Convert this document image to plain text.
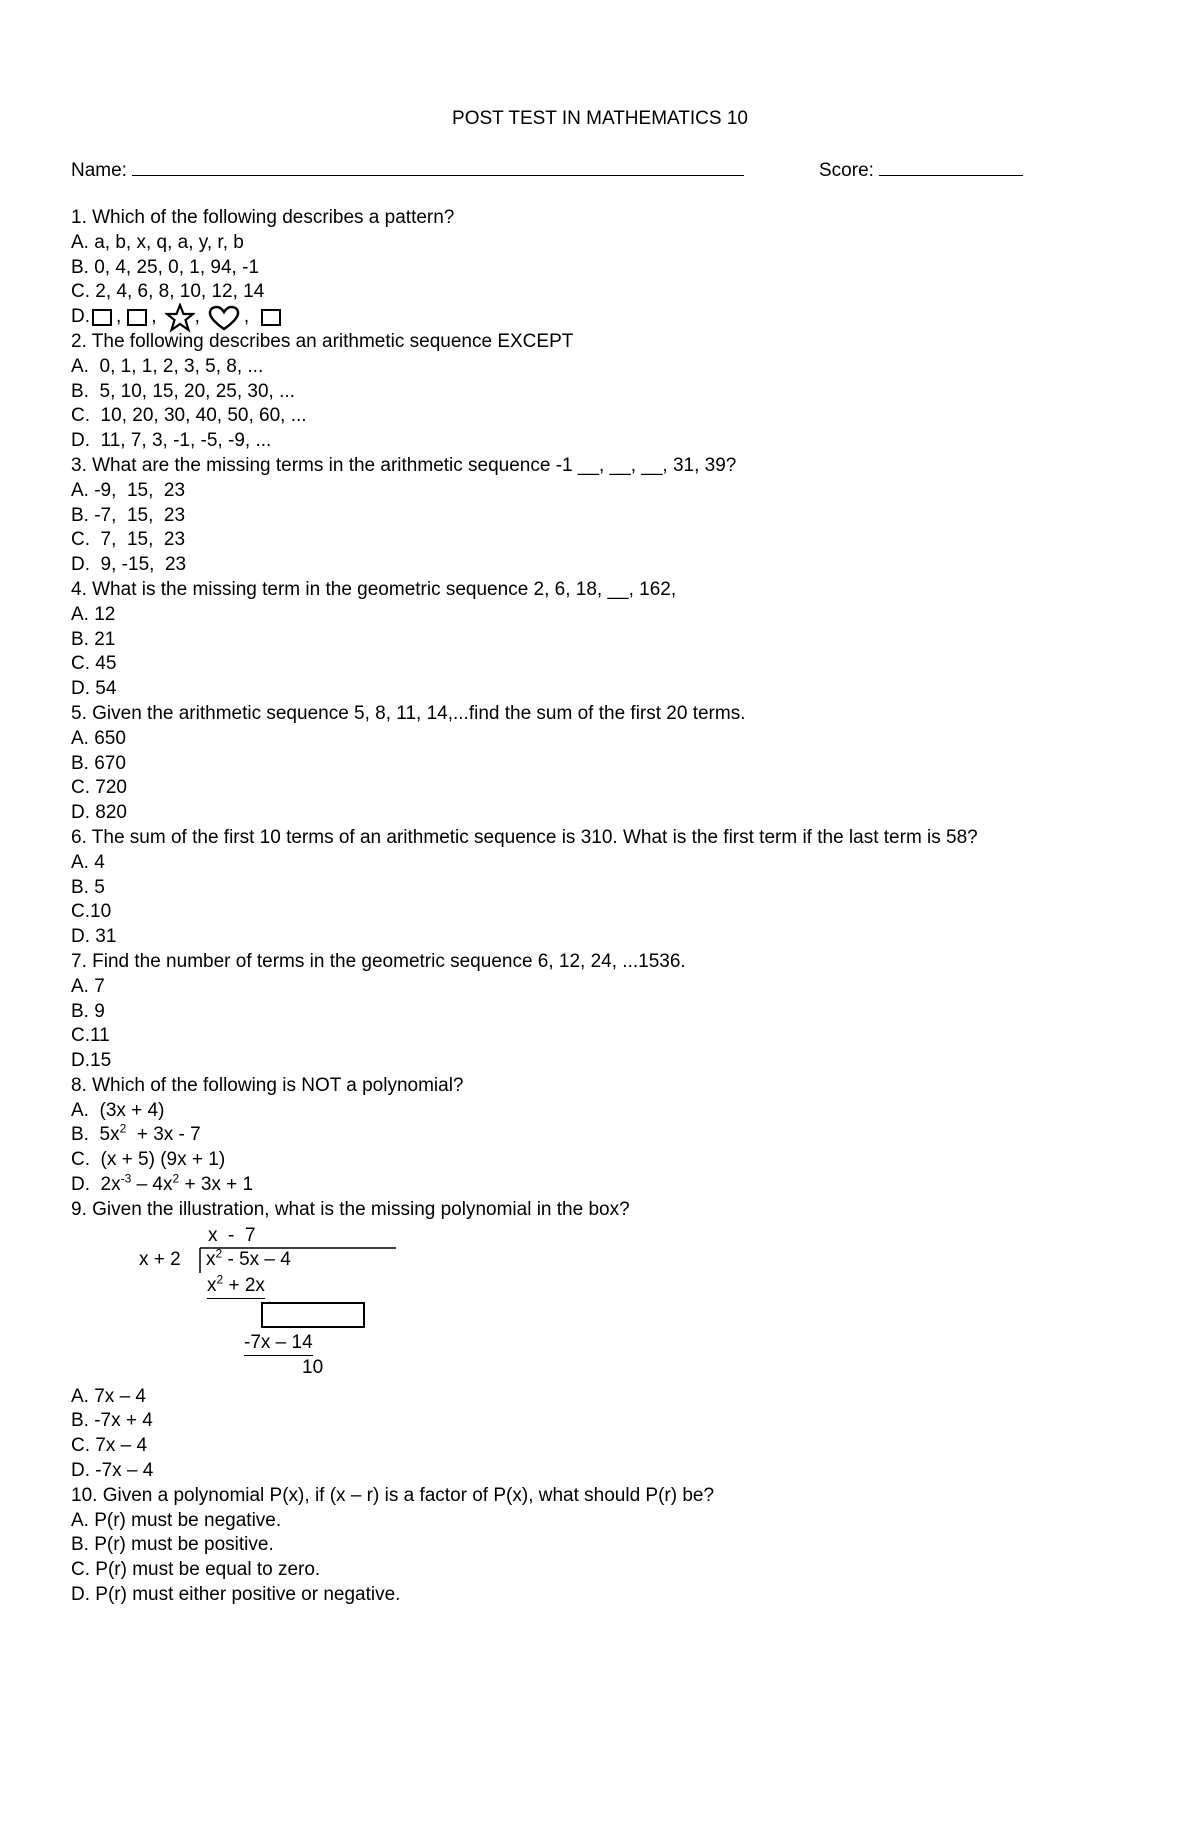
POST TEST IN MATHEMATICS 10
Name:	Score:
1. Which of the following describes a pattern?
A. a, b, x, q, a, y, r, b
B. 0, 4, 25, 0, 1, 94, -1
C. 2, 4, 6, 8, 10, 12, 14
D. , , , ,
2. The following describes an arithmetic sequence EXCEPT
A.  0, 1, 1, 2, 3, 5, 8, ...
B.  5, 10, 15, 20, 25, 30, ...
C.  10, 20, 30, 40, 50, 60, ...
D.  11, 7, 3, -1, -5, -9, ...
3. What are the missing terms in the arithmetic sequence -1 __, __, __, 31, 39?
A. -9,  15,  23
B. -7,  15,  23
C.  7,  15,  23
D.  9, -15,  23
4. What is the missing term in the geometric sequence 2, 6, 18, __, 162,
A. 12
B. 21
C. 45
D. 54
5. Given the arithmetic sequence 5, 8, 11, 14,...find the sum of the first 20 terms.
A. 650
B. 670
C. 720
D. 820
6. The sum of the first 10 terms of an arithmetic sequence is 310. What is the first term if the last term is 58?
A. 4
B. 5
C.10
D. 31
7. Find the number of terms in the geometric sequence 6, 12, 24, ...1536.
A. 7
B. 9
C.11
D.15
8. Which of the following is NOT a polynomial?
A.  (3x + 4)
B.  $5x^2 + 3x - 7$
C.  (x + 5) (9x + 1)
D.  $2x^{-3} - 4x^2 + 3x + 1$
9. Given the illustration, what is the missing polynomial in the box?
x  -  7
x + 2 $x^2 - 5x - 4$
$x^2 + 2x$
-7x – 14
10
A. 7x – 4
B. -7x + 4
C. 7x – 4
D. -7x – 4
10. Given a polynomial P(x), if (x – r) is a factor of P(x), what should P(r) be?
A. P(r) must be negative.
B. P(r) must be positive.
C. P(r) must be equal to zero.
D. P(r) must either positive or negative.
